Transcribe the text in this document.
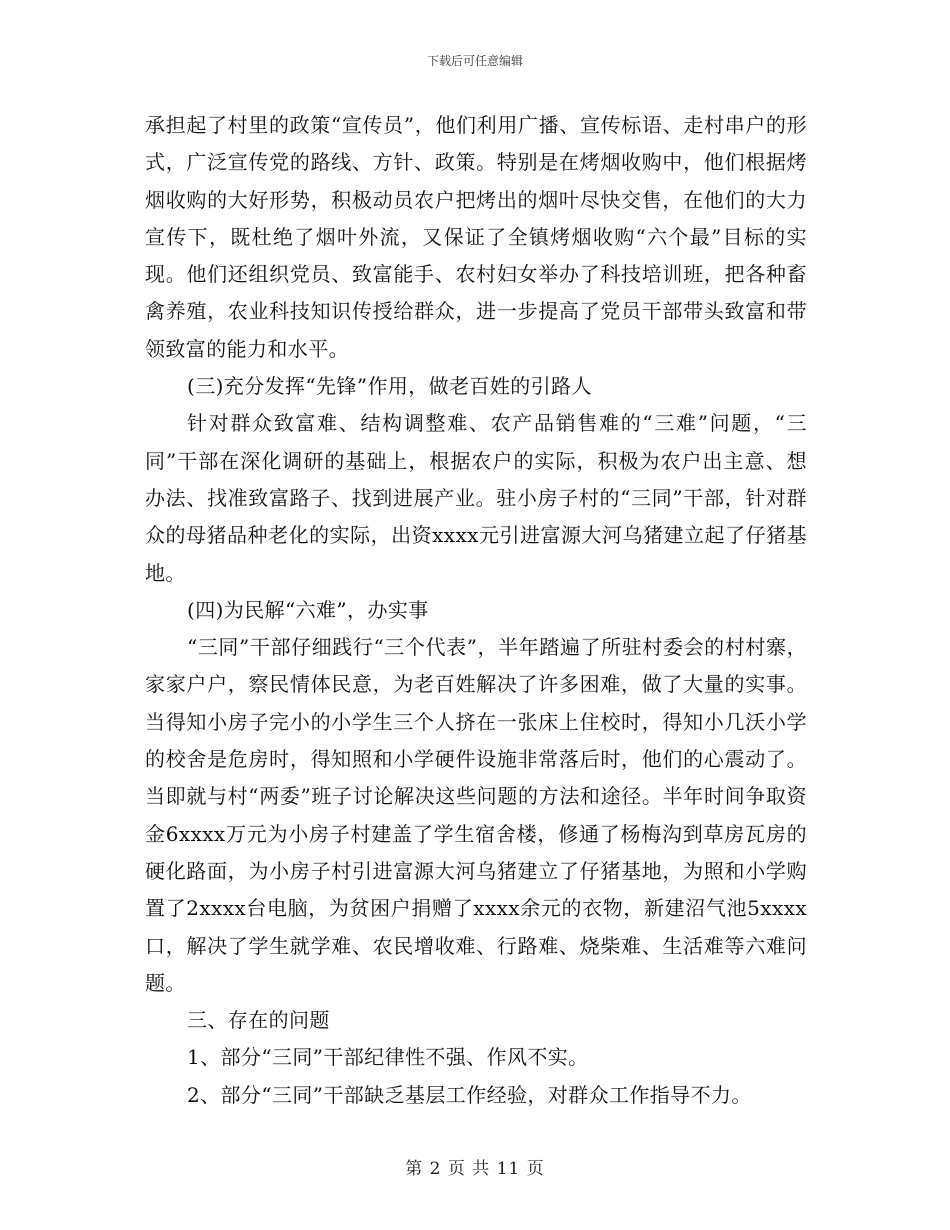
下载后可任意编辑

承担起了村里的政策“宣传员”，他们利用广播、宣传标语、走村串户的形式，广泛宣传党的路线、方针、政策。特别是在烤烟收购中，他们根据烤烟收购的大好形势，积极动员农户把烤出的烟叶尽快交售，在他们的大力宣传下，既杜绝了烟叶外流，又保证了全镇烤烟收购“六个最”目标的实现。他们还组织党员、致富能手、农村妇女举办了科技培训班，把各种畜禽养殖，农业科技知识传授给群众，进一步提高了党员干部带头致富和带领致富的能力和水平。

(三)充分发挥“先锋”作用，做老百姓的引路人

针对群众致富难、结构调整难、农产品销售难的“三难”问题，“三同”干部在深化调研的基础上，根据农户的实际，积极为农户出主意、想办法、找准致富路子、找到进展产业。驻小房子村的“三同”干部，针对群众的母猪品种老化的实际，出资xxxx元引进富源大河乌猪建立起了仔猪基地。

(四)为民解“六难”，办实事

“三同”干部仔细践行“三个代表”，半年踏遍了所驻村委会的村村寨，家家户户，察民情体民意，为老百姓解决了许多困难，做了大量的实事。当得知小房子完小的小学生三个人挤在一张床上住校时，得知小几沃小学的校舍是危房时，得知照和小学硬件设施非常落后时，他们的心震动了。当即就与村“两委”班子讨论解决这些问题的方法和途径。半年时间争取资金6xxxx万元为小房子村建盖了学生宿舍楼，修通了杨梅沟到草房瓦房的硬化路面，为小房子村引进富源大河乌猪建立了仔猪基地，为照和小学购置了2xxxx台电脑，为贫困户捐赠了xxxx余元的衣物，新建沼气池5xxxx口，解决了学生就学难、农民增收难、行路难、烧柴难、生活难等六难问题。

三、存在的问题

1、部分“三同”干部纪律性不强、作风不实。

2、部分“三同”干部缺乏基层工作经验，对群众工作指导不力。

第 2 页 共 11 页
